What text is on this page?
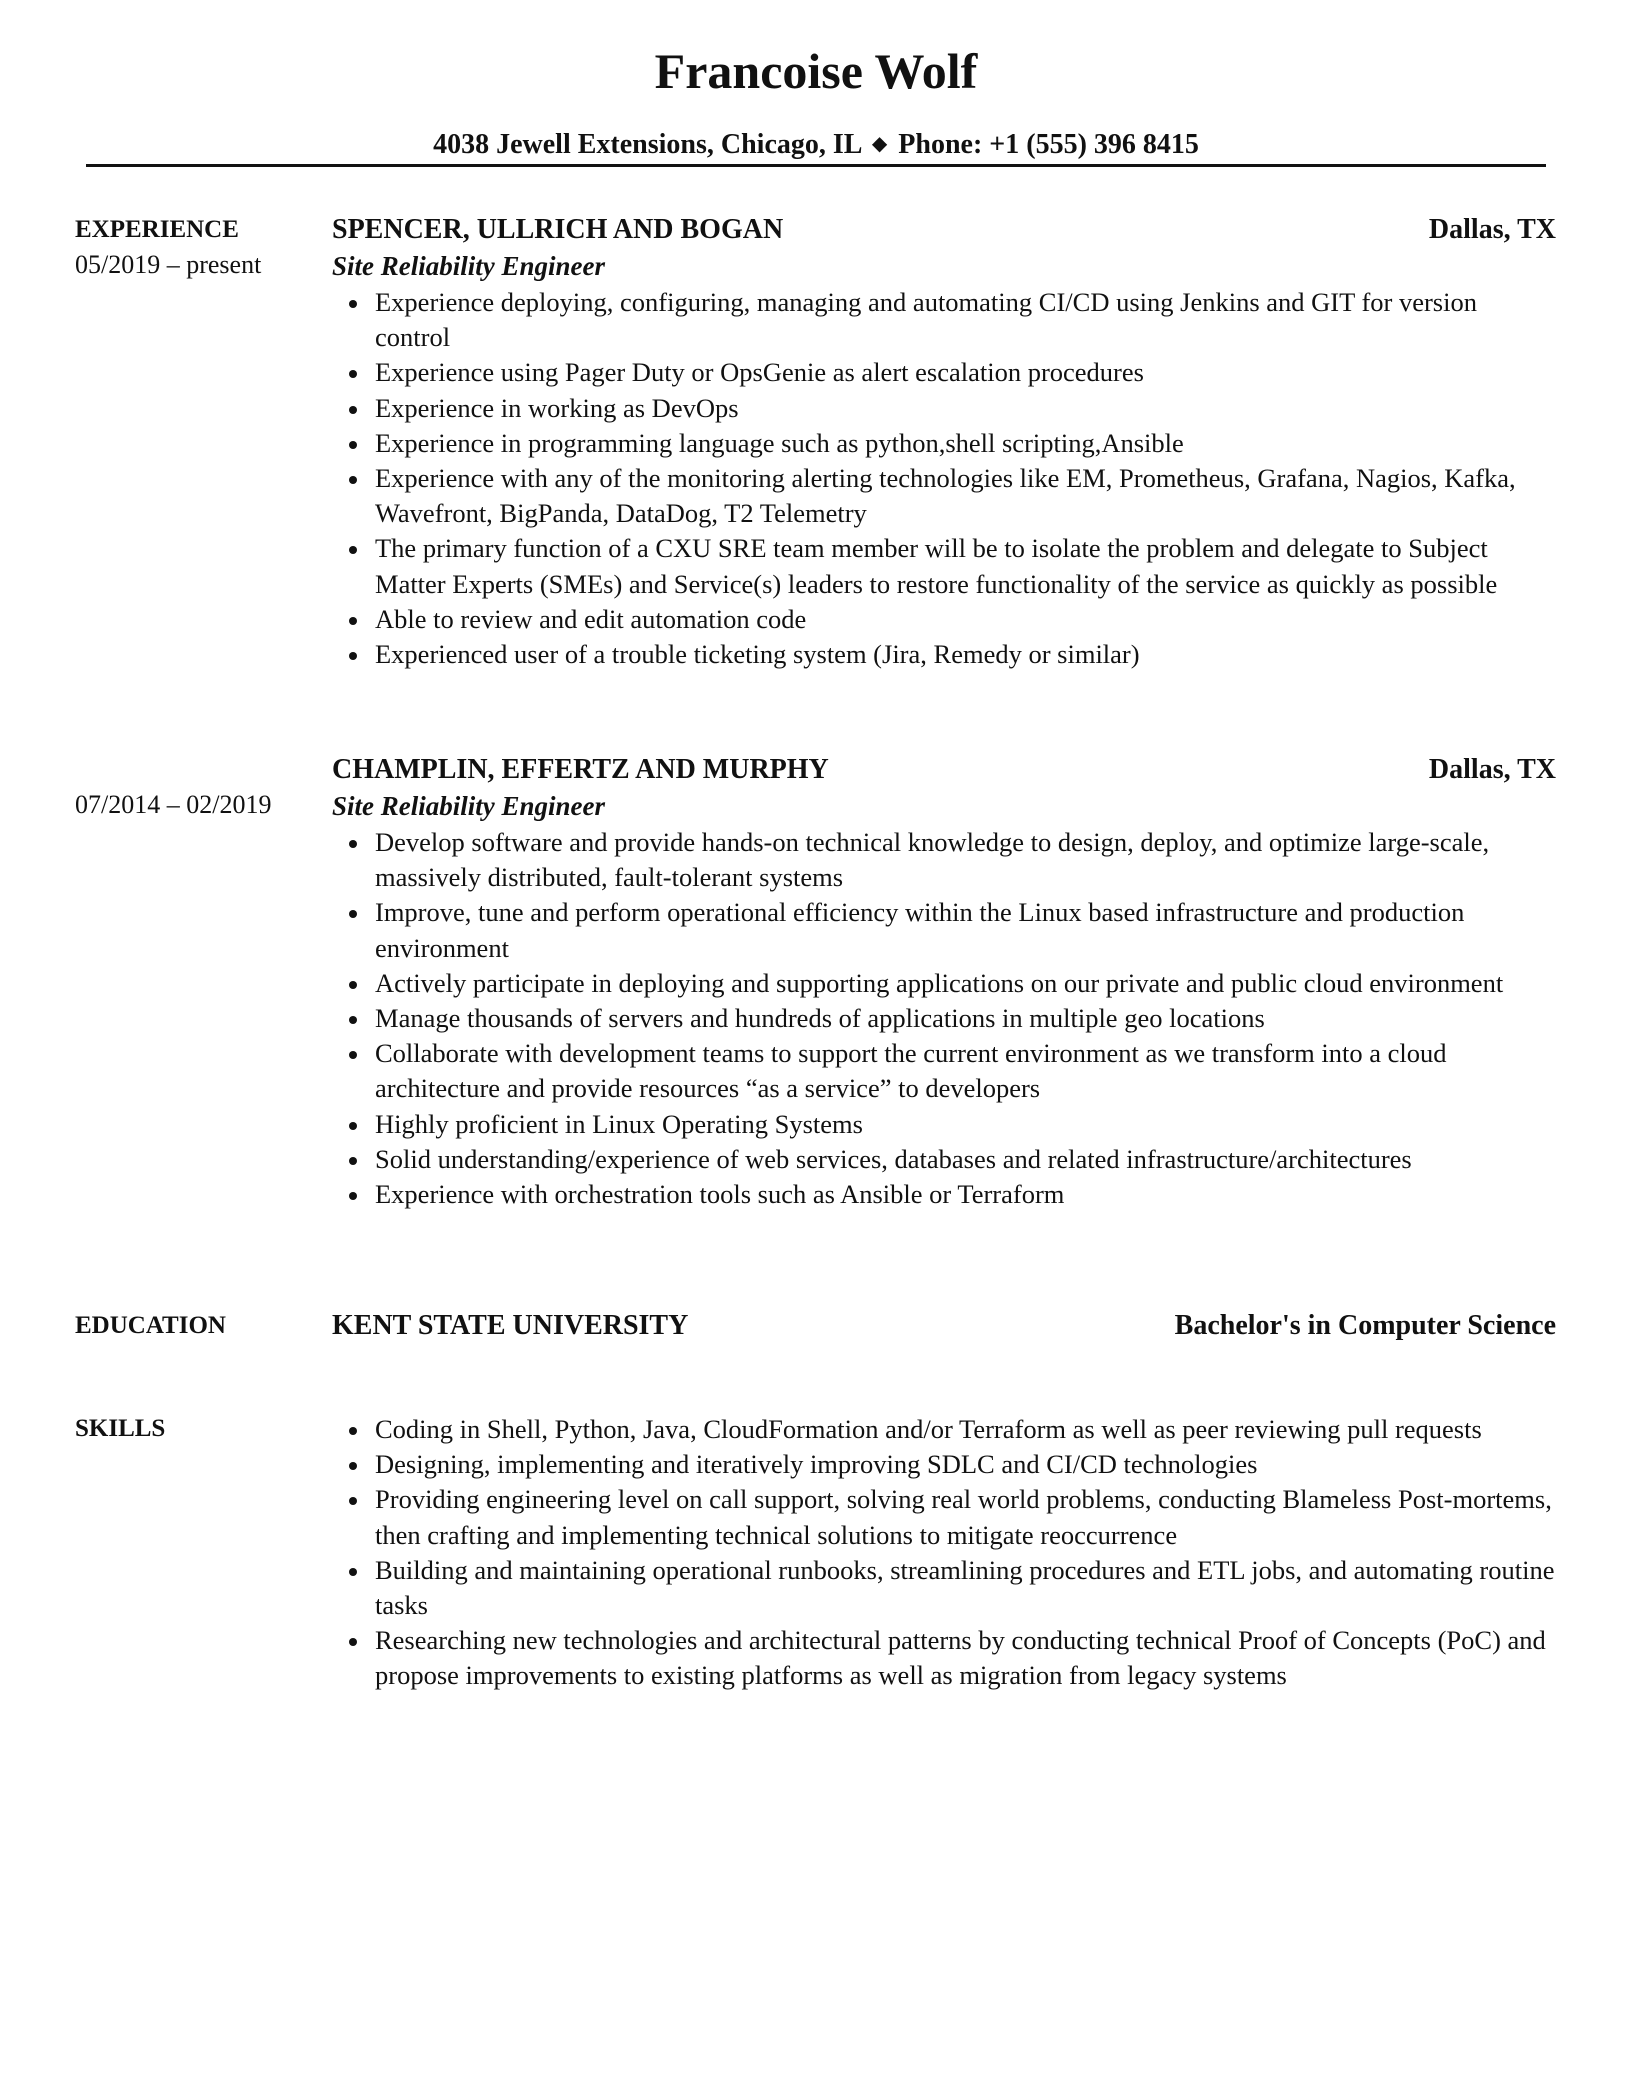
Francoise Wolf
4038 Jewell Extensions, Chicago, IL ◆ Phone: +1 (555) 396 8415
EXPERIENCE
05/2019 – present
SPENCER, ULLRICH AND BOGAN	Dallas, TX
Site Reliability Engineer
Experience deploying, configuring, managing and automating CI/CD using Jenkins and GIT for version control
Experience using Pager Duty or OpsGenie as alert escalation procedures
Experience in working as DevOps
Experience in programming language such as python,shell scripting,Ansible
Experience with any of the monitoring alerting technologies like EM, Prometheus, Grafana, Nagios, Kafka, Wavefront, BigPanda, DataDog, T2 Telemetry
The primary function of a CXU SRE team member will be to isolate the problem and delegate to Subject Matter Experts (SMEs) and Service(s) leaders to restore functionality of the service as quickly as possible
Able to review and edit automation code
Experienced user of a trouble ticketing system (Jira, Remedy or similar)
CHAMPLIN, EFFERTZ AND MURPHY	Dallas, TX
07/2014 – 02/2019 Site Reliability Engineer
Develop software and provide hands-on technical knowledge to design, deploy, and optimize large-scale, massively distributed, fault-tolerant systems
Improve, tune and perform operational efficiency within the Linux based infrastructure and production environment
Actively participate in deploying and supporting applications on our private and public cloud environment
Manage thousands of servers and hundreds of applications in multiple geo locations
Collaborate with development teams to support the current environment as we transform into a cloud architecture and provide resources “as a service” to developers
Highly proficient in Linux Operating Systems
Solid understanding/experience of web services, databases and related infrastructure/architectures
Experience with orchestration tools such as Ansible or Terraform
EDUCATION	KENT STATE UNIVERSITY	Bachelor's in Computer Science
SKILLS	Coding in Shell, Python, Java, CloudFormation and/or Terraform as well as peer reviewing pull requests
Designing, implementing and iteratively improving SDLC and CI/CD technologies
Providing engineering level on call support, solving real world problems, conducting Blameless Post-mortems, then crafting and implementing technical solutions to mitigate reoccurrence
Building and maintaining operational runbooks, streamlining procedures and ETL jobs, and automating routine tasks
Researching new technologies and architectural patterns by conducting technical Proof of Concepts (PoC) and propose improvements to existing platforms as well as migration from legacy systems
